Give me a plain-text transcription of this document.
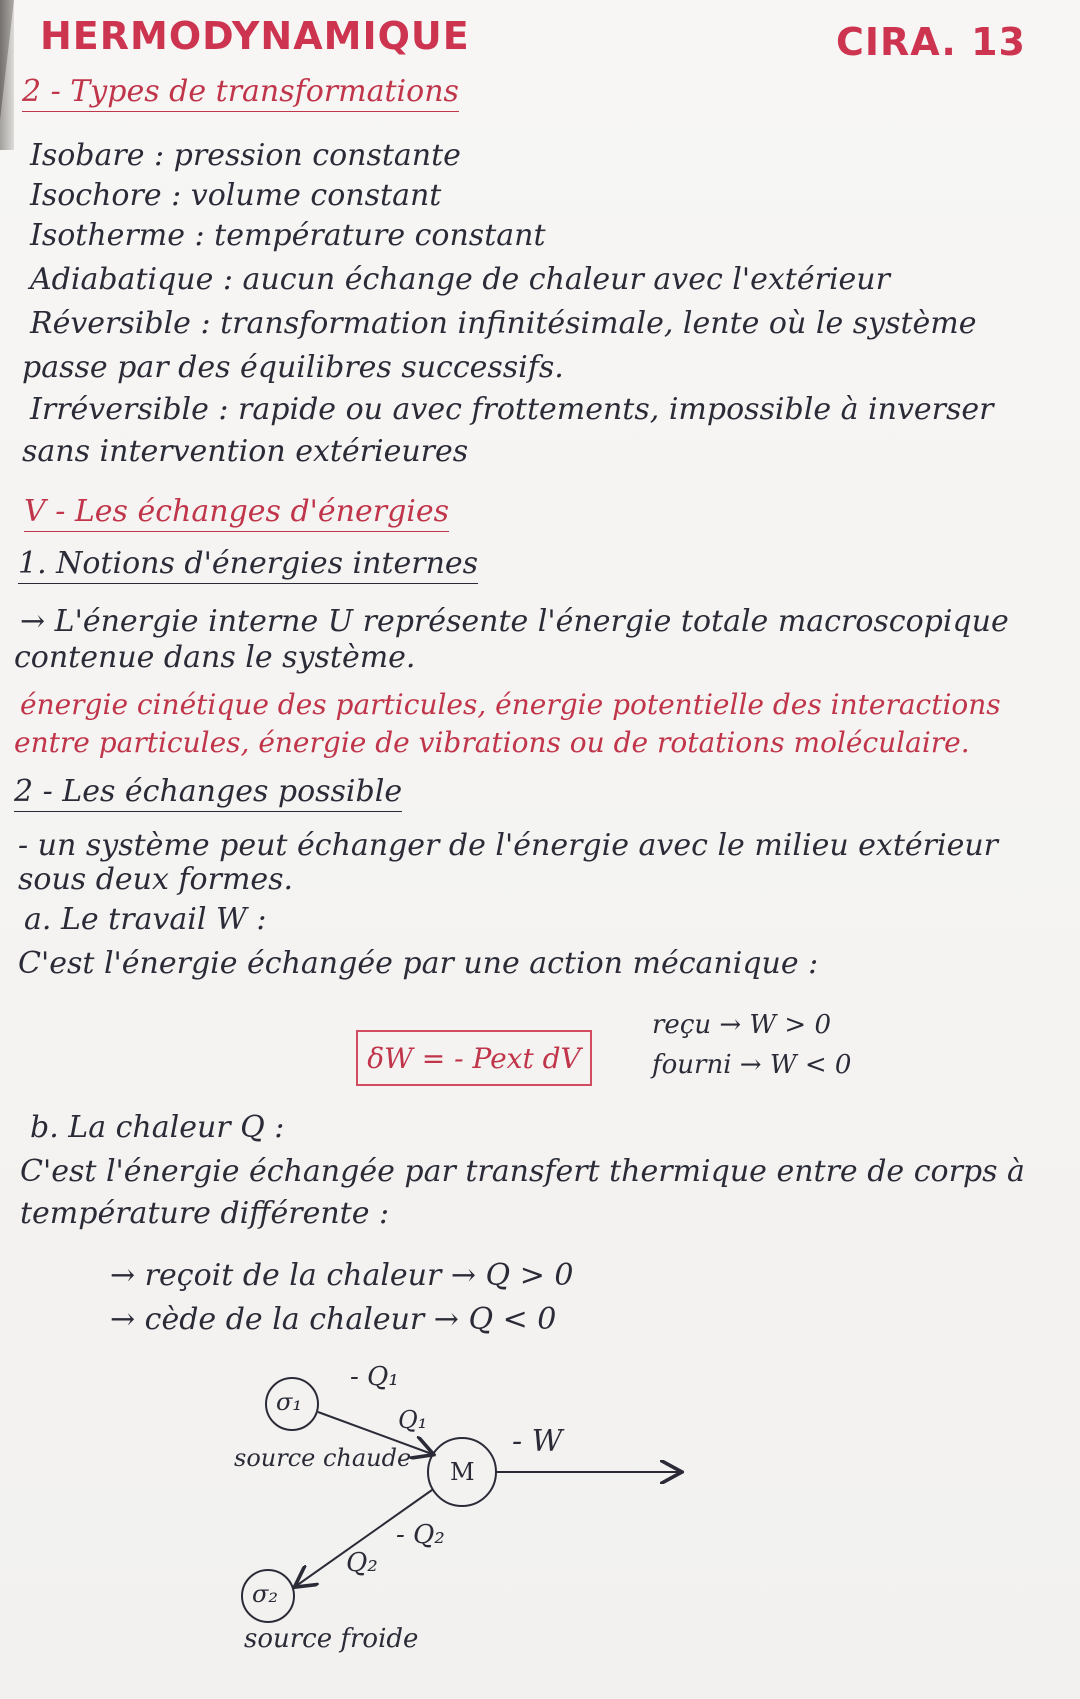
HERMODYNAMIQUE	CIRA. 13
2 - Types de transformations
Isobare : pression constante
Isochore : volume constant
Isotherme : température constant
Adiabatique : aucun échange de chaleur avec l'extérieur
Réversible : transformation infinitésimale, lente où le système
passe par des équilibres successifs.
Irréversible : rapide ou avec frottements, impossible à inverser
sans intervention extérieures
V - Les échanges d'énergies
1. Notions d'énergies internes
→ L'énergie interne U représente l'énergie totale macroscopique
contenue dans le système.
énergie cinétique des particules, énergie potentielle des interactions
entre particules, énergie de vibrations ou de rotations moléculaire.
2 - Les échanges possible
- un système peut échanger de l'énergie avec le milieu extérieur
sous deux formes.
a. Le travail W :
C'est l'énergie échangée par une action mécanique :
δW = - Pext dV
reçu → W > 0
fourni → W < 0
b. La chaleur Q :
C'est l'énergie échangée par transfert thermique entre de corps à
température différente :
→ reçoit de la chaleur → Q > 0
→ cède de la chaleur → Q < 0
σ₁
M
σ₂
- Q₁
Q₁
- W
source chaude
Q₂
- Q₂
source froide
